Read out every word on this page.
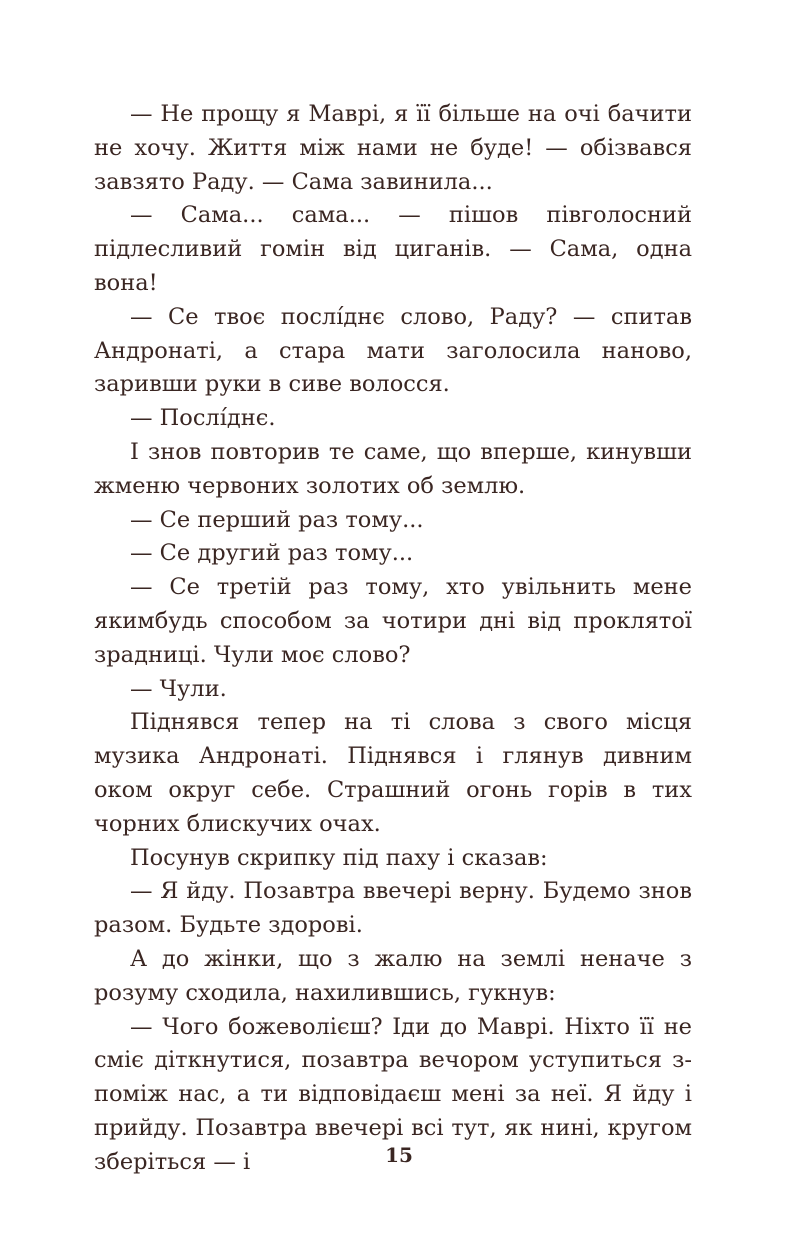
— Не прощу я Маврі, я її більше на очі бачити не хочу. Життя між нами не буде! — обізвався завзято Раду. — Сама завинила...

— Сама... сама... — пішов півголосний підлесливий гомін від циганів. — Сама, одна вона!

— Се твоє послíднє слово, Раду? — спитав Андронаті, а стара мати заголосила наново, заривши руки в сиве волосся.

— Послíднє.

І знов повторив те саме, що вперше, кинувши жменю червоних золотих об землю.

— Се перший раз тому...

— Се другий раз тому...

— Се третій раз тому, хто увільнить мене якимбудь способом за чотири дні від проклятої зрадниці. Чули моє слово?

— Чули.

Піднявся тепер на ті слова з свого місця музика Андронаті. Піднявся і глянув дивним оком округ себе. Страшний огонь горів в тих чорних блискучих очах.

Посунув скрипку під паху і сказав:

— Я йду. Позавтра ввечері верну. Будемо знов разом. Будьте здорові.

А до жінки, що з жалю на землі неначе з розуму сходила, нахилившись, гукнув:

— Чого божеволієш? Іди до Маврі. Ніхто її не сміє діткнутися, позавтра вечором уступиться з-поміж нас, а ти відповідаєш мені за неї. Я йду і прийду. Позавтра ввечері всі тут, як нині, кругом зберіться — і	15
